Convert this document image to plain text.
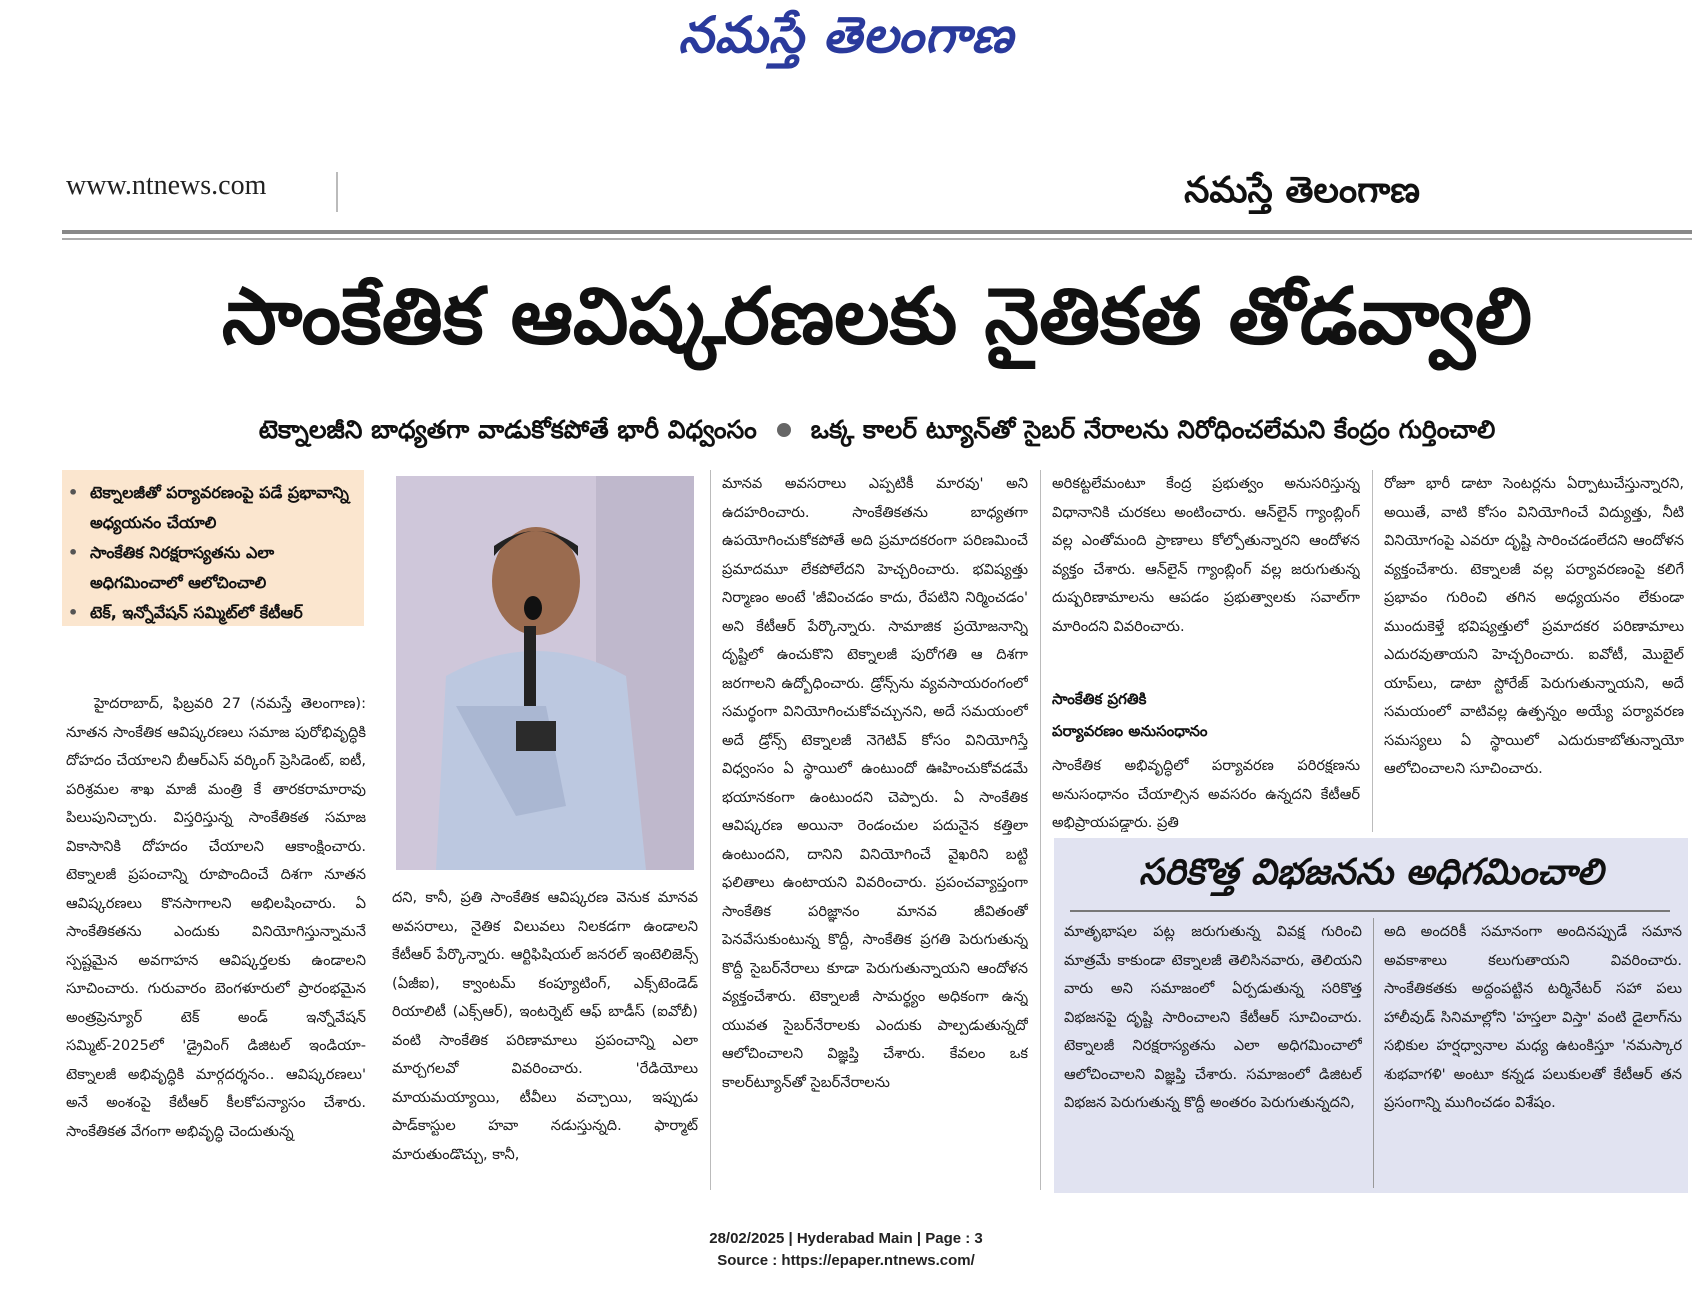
నమస్తే తెలంగాణ
www.ntnews.com	నమస్తే తెలంగాణ
సాంకేతిక ఆవిష్కరణలకు నైతికత తోడవ్వాలి
టెక్నాలజీని బాధ్యతగా వాడుకోకపోతే భారీ విధ్వంసం ఒక్క కాలర్ ట్యూన్‌తో సైబర్ నేరాలను నిరోధించలేమని కేంద్రం గుర్తించాలి
• టెక్నాలజీతో పర్యావరణంపై పడే ప్రభావాన్ని అధ్యయనం చేయాలి
• సాంకేతిక నిరక్షరాస్యతను ఎలా అధిగమించాలో ఆలోచించాలి
• టెక్, ఇన్నోవేషన్ సమ్మిట్‌లో కేటీఆర్

హైదరాబాద్, ఫిబ్రవరి 27 (నమస్తే తెలంగాణ): నూతన సాంకేతిక ఆవిష్కరణలు సమాజ పురోభివృద్ధికి దోహదం చేయాలని బీఆర్‌ఎస్ వర్కింగ్ ప్రెసిడెంట్, ఐటీ, పరిశ్రమల శాఖ మాజీ మంత్రి కే తారకరామారావు పిలుపునిచ్చారు. విస్తరిస్తున్న సాంకేతికత సమాజ వికాసానికి దోహదం చేయాలని ఆకాంక్షించారు. టెక్నాలజీ ప్రపంచాన్ని రూపొందించే దిశగా నూతన ఆవిష్కరణలు కొనసాగాలని అభిలషించారు. ఏ సాంకేతికతను ఎందుకు వినియోగిస్తున్నామనే స్పష్టమైన అవగాహన ఆవిష్కర్తలకు ఉండాలని సూచించారు. గురువారం బెంగళూరులో ప్రారంభమైన అంత్రప్రెన్యూర్ టెక్ అండ్ ఇన్నోవేషన్ సమ్మిట్-2025లో 'డ్రైవింగ్ డిజిటల్ ఇండియా- టెక్నాలజీ అభివృద్ధికి మార్గదర్శనం.. ఆవిష్కరణలు' అనే అంశంపై కేటీఆర్ కీలకోపన్యాసం చేశారు. సాంకేతికత వేగంగా అభివృద్ధి చెందుతున్న

దని, కానీ, ప్రతి సాంకేతిక ఆవిష్కరణ వెనుక మానవ అవసరాలు, నైతిక విలువలు నిలకడగా ఉండాలని కేటీఆర్ పేర్కొన్నారు. ఆర్టిఫిషియల్ జనరల్ ఇంటెలిజెన్స్ (ఏజీఐ), క్వాంటమ్ కంప్యూటింగ్, ఎక్స్‌టెండెడ్ రియాలిటీ (ఎక్స్ఆర్), ఇంటర్నెట్ ఆఫ్ బాడీస్ (ఐవోబీ) వంటి సాంకేతిక పరిణామాలు ప్రపంచాన్ని ఎలా మార్చగలవో వివరించారు. 'రేడియోలు మాయమయ్యాయి, టీవీలు వచ్చాయి, ఇప్పుడు పాడ్‌కాస్టుల హవా నడుస్తున్నది. ఫార్మాట్ మారుతుండొచ్చు, కానీ,
మానవ అవసరాలు ఎప్పటికీ మారవు' అని ఉదహరించారు. సాంకేతికతను బాధ్యతగా ఉపయోగించుకోకపోతే అది ప్రమాదకరంగా పరిణమించే ప్రమాదమూ లేకపోలేదని హెచ్చరించారు. భవిష్యత్తు నిర్మాణం అంటే 'జీవించడం కాదు, రేపటిని నిర్మించడం' అని కేటీఆర్ పేర్కొన్నారు. సామాజిక ప్రయోజనాన్ని దృష్టిలో ఉంచుకొని టెక్నాలజీ పురోగతి ఆ దిశగా జరగాలని ఉద్బోధించారు. డ్రోన్స్‌ను వ్యవసాయరంగంలో సమర్థంగా వినియోగించుకోవచ్చునని, అదే సమయంలో అదే డ్రోన్స్ టెక్నాలజీ నెగెటివ్ కోసం వినియోగిస్తే విధ్వంసం ఏ స్థాయిలో ఉంటుందో ఊహించుకోవడమే భయానకంగా ఉంటుందని చెప్పారు. ఏ సాంకేతిక ఆవిష్కరణ అయినా రెండంచుల పదునైన కత్తిలా ఉంటుందని, దానిని వినియోగించే వైఖరిని బట్టి ఫలితాలు ఉంటాయని వివరించారు. ప్రపంచవ్యాప్తంగా సాంకేతిక పరిజ్ఞానం మానవ జీవితంతో పెనవేసుకుంటున్న కొద్దీ, సాంకేతిక ప్రగతి పెరుగుతున్న కొద్దీ సైబర్‌నేరాలు కూడా పెరుగుతున్నాయని ఆందోళన వ్యక్తంచేశారు. టెక్నాలజీ సామర్థ్యం అధికంగా ఉన్న యువత సైబర్‌నేరాలకు ఎందుకు పాల్పడుతున్నదో ఆలోచించాలని విజ్ఞప్తి చేశారు. కేవలం ఒక కాలర్‌ట్యూన్‌తో సైబర్‌నేరాలను
అరికట్టలేమంటూ కేంద్ర ప్రభుత్వం అనుసరిస్తున్న విధానానికి చురకలు అంటించారు. ఆన్‌లైన్ గ్యాంబ్లింగ్ వల్ల ఎంతోమంది ప్రాణాలు కోల్పోతున్నారని ఆందోళన వ్యక్తం చేశారు. ఆన్‌లైన్ గ్యాంబ్లింగ్ వల్ల జరుగుతున్న దుష్పరిణామాలను ఆపడం ప్రభుత్వాలకు సవాల్‌గా మారిందని వివరించారు.
సాంకేతిక ప్రగతికి
పర్యావరణం అనుసంధానం
సాంకేతిక అభివృద్ధిలో పర్యావరణ పరిరక్షణను అనుసంధానం చేయాల్సిన అవసరం ఉన్నదని కేటీఆర్ అభిప్రాయపడ్డారు. ప్రతి
రోజూ భారీ డాటా సెంటర్లను ఏర్పాటుచేస్తున్నారని, అయితే, వాటి కోసం వినియోగించే విద్యుత్తు, నీటి వినియోగంపై ఎవరూ దృష్టి సారించడంలేదని ఆందోళన వ్యక్తంచేశారు. టెక్నాలజీ వల్ల పర్యావరణంపై కలిగే ప్రభావం గురించి తగిన అధ్యయనం లేకుండా ముందుకెళ్తే భవిష్యత్తులో ప్రమాదకర పరిణామాలు ఎదురవుతాయని హెచ్చరించారు. ఐవోటీ, మొబైల్ యాప్‌లు, డాటా స్టోరేజ్ పెరుగుతున్నాయని, అదే సమయంలో వాటివల్ల ఉత్పన్నం అయ్యే పర్యావరణ సమస్యలు ఏ స్థాయిలో ఎదురుకాబోతున్నాయో ఆలోచించాలని సూచించారు.
సరికొత్త విభజనను అధిగమించాలి
మాతృభాషల పట్ల జరుగుతున్న వివక్ష గురించి మాత్రమే కాకుండా టెక్నాలజీ తెలిసినవారు, తెలియని వారు అని సమాజంలో ఏర్పడుతున్న సరికొత్త విభజనపై దృష్టి సారించాలని కేటీఆర్ సూచించారు. టెక్నాలజీ నిరక్షరాస్యతను ఎలా అధిగమించాలో ఆలోచించాలని విజ్ఞప్తి చేశారు. సమాజంలో డిజిటల్ విభజన పెరుగుతున్న కొద్దీ అంతరం పెరుగుతున్నదని,
అది అందరికీ సమానంగా అందినప్పుడే సమాన అవకాశాలు కలుగుతాయని వివరించారు. సాంకేతికతకు అద్దంపట్టిన టర్మినేటర్ సహా పలు హాలీవుడ్ సినిమాల్లోని 'హస్తలా విస్తా' వంటి డైలాగ్‌ను సభికుల హర్షధ్వానాల మధ్య ఉటంకిస్తూ 'నమస్కార శుభవాగళి' అంటూ కన్నడ పలుకులతో కేటీఆర్ తన ప్రసంగాన్ని ముగించడం విశేషం.
28/02/2025 | Hyderabad Main | Page : 3
Source : https://epaper.ntnews.com/
